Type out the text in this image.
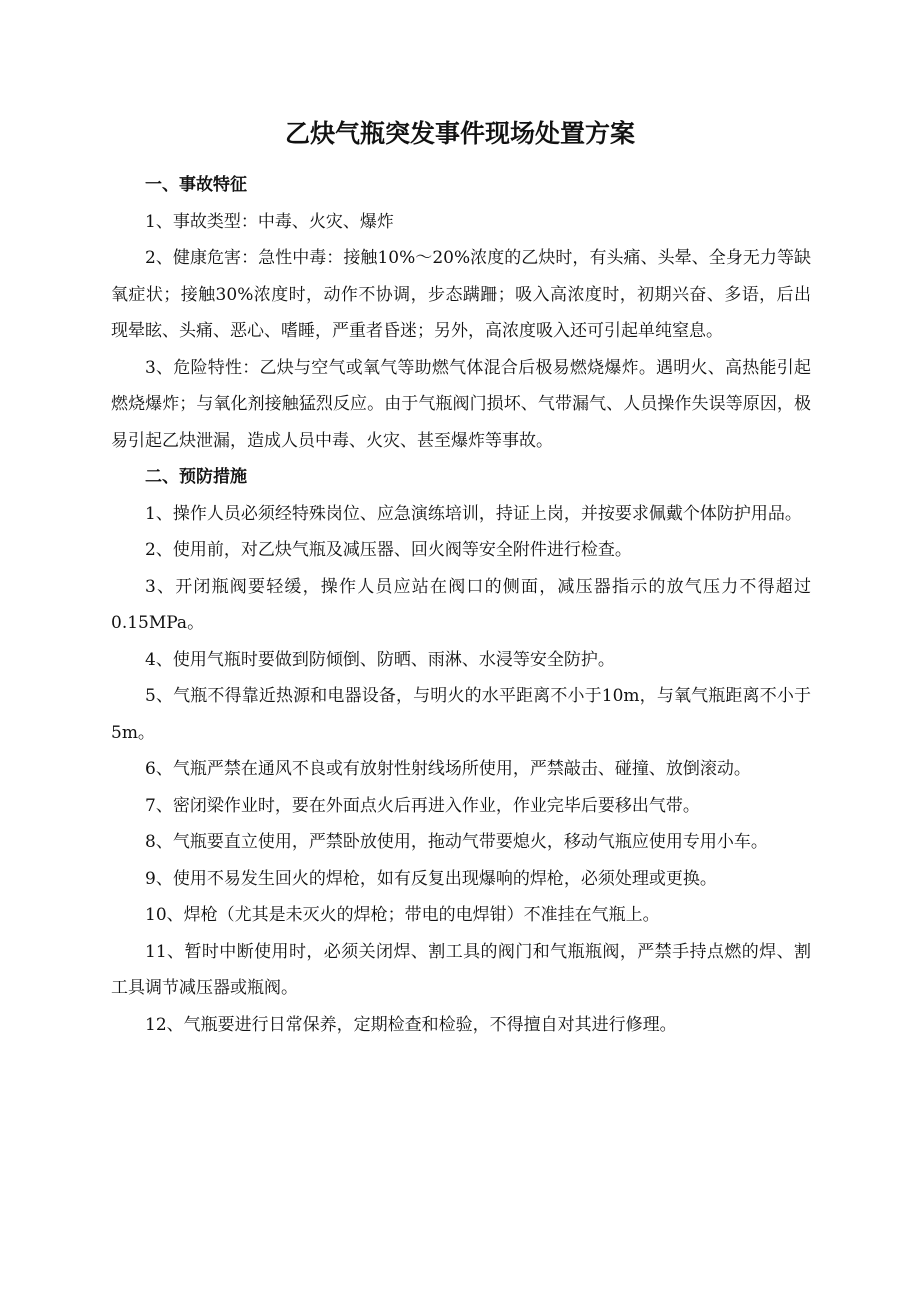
乙炔气瓶突发事件现场处置方案
一、事故特征

1、事故类型：中毒、火灾、爆炸

2、健康危害：急性中毒：接触10%～20%浓度的乙炔时，有头痛、头晕、全身无力等缺氧症状；接触30%浓度时，动作不协调，步态蹒跚；吸入高浓度时，初期兴奋、多语，后出现晕眩、头痛、恶心、嗜睡，严重者昏迷；另外，高浓度吸入还可引起单纯窒息。

3、危险特性：乙炔与空气或氧气等助燃气体混合后极易燃烧爆炸。遇明火、高热能引起燃烧爆炸；与氧化剂接触猛烈反应。由于气瓶阀门损坏、气带漏气、人员操作失误等原因，极易引起乙炔泄漏，造成人员中毒、火灾、甚至爆炸等事故。

二、预防措施

1、操作人员必须经特殊岗位、应急演练培训，持证上岗，并按要求佩戴个体防护用品。

2、使用前，对乙炔气瓶及减压器、回火阀等安全附件进行检查。

3、开闭瓶阀要轻缓，操作人员应站在阀口的侧面，减压器指示的放气压力不得超过0.15MPa。

4、使用气瓶时要做到防倾倒、防晒、雨淋、水浸等安全防护。

5、气瓶不得靠近热源和电器设备，与明火的水平距离不小于10m，与氧气瓶距离不小于5m。

6、气瓶严禁在通风不良或有放射性射线场所使用，严禁敲击、碰撞、放倒滚动。

7、密闭梁作业时，要在外面点火后再进入作业，作业完毕后要移出气带。

8、气瓶要直立使用，严禁卧放使用，拖动气带要熄火，移动气瓶应使用专用小车。

9、使用不易发生回火的焊枪，如有反复出现爆响的焊枪，必须处理或更换。

10、焊枪（尤其是未灭火的焊枪；带电的电焊钳）不准挂在气瓶上。

11、暂时中断使用时，必须关闭焊、割工具的阀门和气瓶瓶阀，严禁手持点燃的焊、割工具调节减压器或瓶阀。

12、气瓶要进行日常保养，定期检查和检验，不得擅自对其进行修理。
